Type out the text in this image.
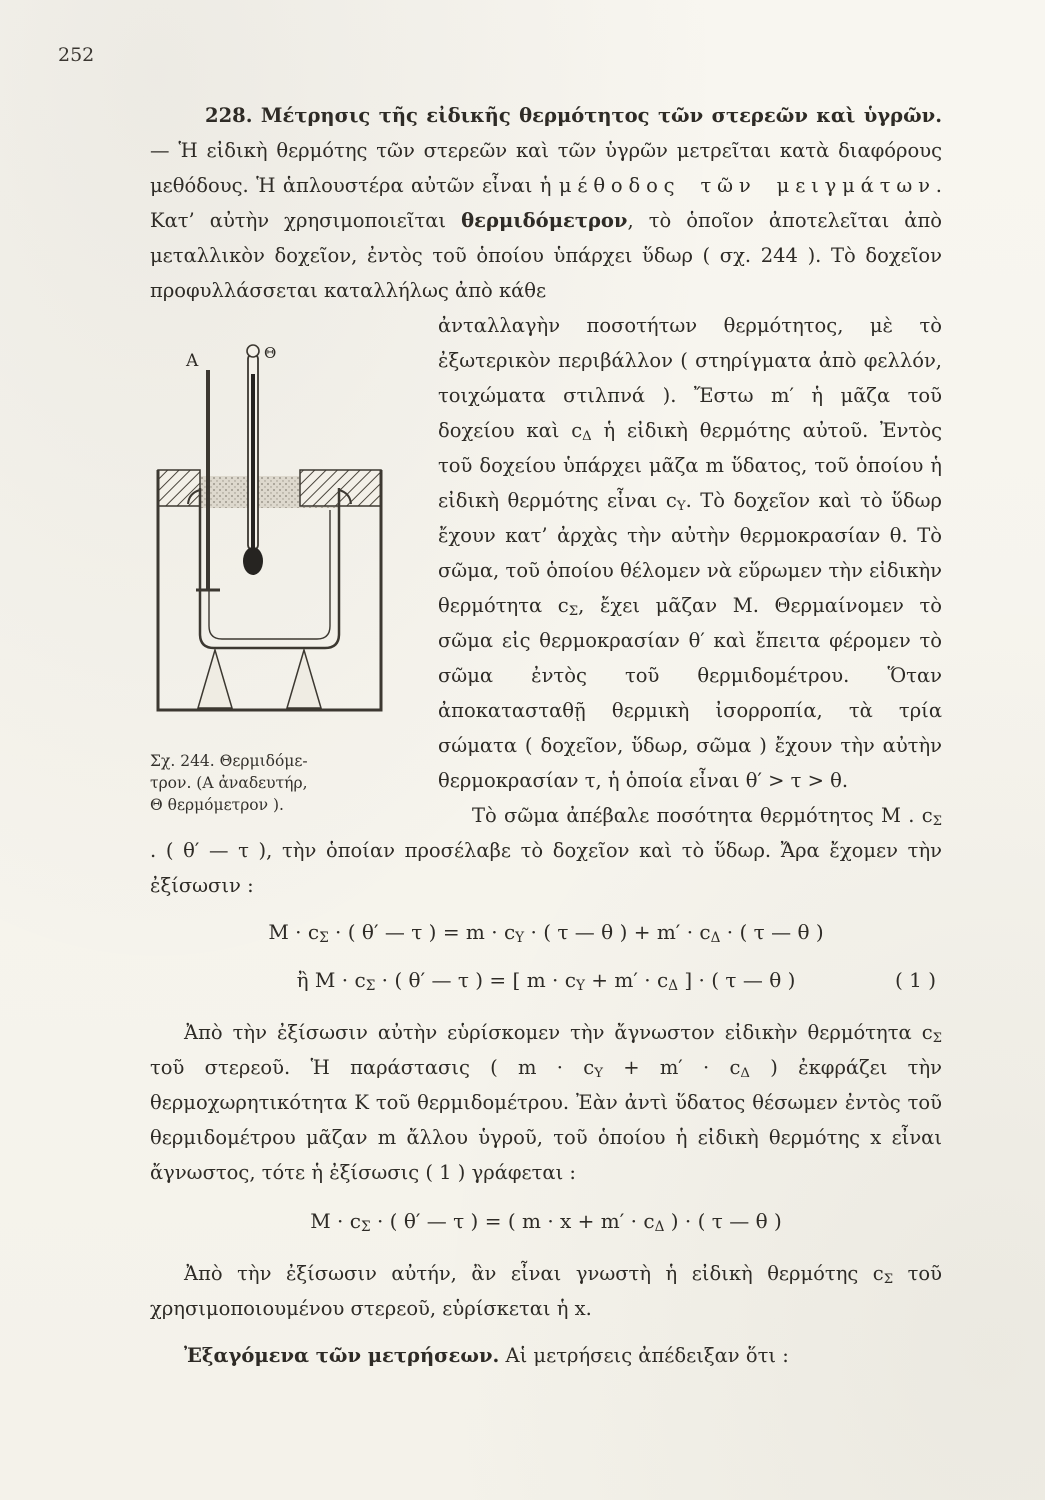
252

228. Μέτρησις τῆς εἰδικῆς θερμότητος τῶν στερεῶν καὶ ὑγρῶν.— Ἡ εἰδικὴ θερμότης τῶν στερεῶν καὶ τῶν ὑγρῶν μετρεῖται κατὰ διαφόρους μεθόδους. Ἡ ἁπλουστέρα αὐτῶν εἶναι ἡ μέθοδος τῶν μειγμάτων. Κατ’ αὐτὴν χρησιμοποιεῖται θερμιδόμετρον, τὸ ὁποῖον ἀποτελεῖται ἀπὸ μεταλλικὸν δοχεῖον, ἐντὸς τοῦ ὁποίου ὑπάρχει ὕδωρ ( σχ. 244 ). Τὸ δοχεῖον προφυλλάσσεται καταλλήλως ἀπὸ κάθε

A	Θ
Σχ. 244. Θερμιδόμε-
τρον. (Α ἀναδευτήρ,
Θ θερμόμετρον ).

ἀνταλλαγὴν ποσοτήτων θερμότητος, μὲ τὸ ἐξωτερικὸν περιβάλλον ( στηρίγματα ἀπὸ φελλόν, τοιχώματα στιλπνά ). Ἔστω m′ ἡ μᾶζα τοῦ δοχείου καὶ $c_\Delta$ ἡ εἰδικὴ θερμότης αὐτοῦ. Ἐντὸς τοῦ δοχείου ὑπάρχει μᾶζα m ὕδατος, τοῦ ὁποίου ἡ εἰδικὴ θερμότης εἶναι $c_Y$. Τὸ δοχεῖον καὶ τὸ ὕδωρ ἔχουν κατ’ ἀρχὰς τὴν αὐτὴν θερμοκρασίαν θ. Τὸ σῶμα, τοῦ ὁποίου θέλομεν νὰ εὕρωμεν τὴν εἰδικὴν θερμότητα $c_\Sigma$, ἔχει μᾶζαν Μ. Θερμαίνομεν τὸ σῶμα εἰς θερμοκρασίαν θ′ καὶ ἔπειτα φέρομεν τὸ σῶμα ἐντὸς τοῦ θερμιδομέτρου. Ὅταν ἀποκατασταθῇ θερμικὴ ἰσορροπία, τὰ τρία σώματα ( δοχεῖον, ὕδωρ, σῶμα ) ἔχουν τὴν αὐτὴν θερμοκρασίαν τ, ἡ ὁποία εἶναι θ′ > τ > θ.

Τὸ σῶμα ἀπέβαλε ποσότητα θερμότητος Μ . $c_\Sigma$ . ( θ′ — τ ), τὴν ὁποίαν προσέλαβε τὸ δοχεῖον καὶ τὸ ὕδωρ. Ἄρα ἔχομεν τὴν ἐξίσωσιν :

$M \cdot c_\Sigma$ · ( θ′ — τ ) = $m \cdot c_Y$ · ( τ — θ ) + $m' \cdot c_\Delta$ · ( τ — θ )
ἢ $M \cdot c_\Sigma$ · ( θ′ — τ ) = [ $m \cdot c_Y + m' \cdot c_\Delta$ ] · ( τ — θ )	( 1 )

Ἀπὸ τὴν ἐξίσωσιν αὐτὴν εὑρίσκομεν τὴν ἄγνωστον εἰδικὴν θερμότητα $c_\Sigma$ τοῦ στερεοῦ. Ἡ παράστασις ( $m \cdot c_Y + m' \cdot c_\Delta$ ) ἐκφράζει τὴν θερμοχωρητικότητα Κ τοῦ θερμιδομέτρου. Ἐὰν ἀντὶ ὕδατος θέσωμεν ἐντὸς τοῦ θερμιδομέτρου μᾶζαν m ἄλλου ὑγροῦ, τοῦ ὁποίου ἡ εἰδικὴ θερμότης x εἶναι ἄγνωστος, τότε ἡ ἐξίσωσις ( 1 ) γράφεται :

$M \cdot c_\Sigma$ · ( θ′ — τ ) = ( $m \cdot x + m' \cdot c_\Delta$ ) · ( τ — θ )

Ἀπὸ τὴν ἐξίσωσιν αὐτήν, ἂν εἶναι γνωστὴ ἡ εἰδικὴ θερμότης $c_\Sigma$ τοῦ χρησιμοποιουμένου στερεοῦ, εὑρίσκεται ἡ x.

Ἐξαγόμενα τῶν μετρήσεων. Αἱ μετρήσεις ἀπέδειξαν ὅτι :
